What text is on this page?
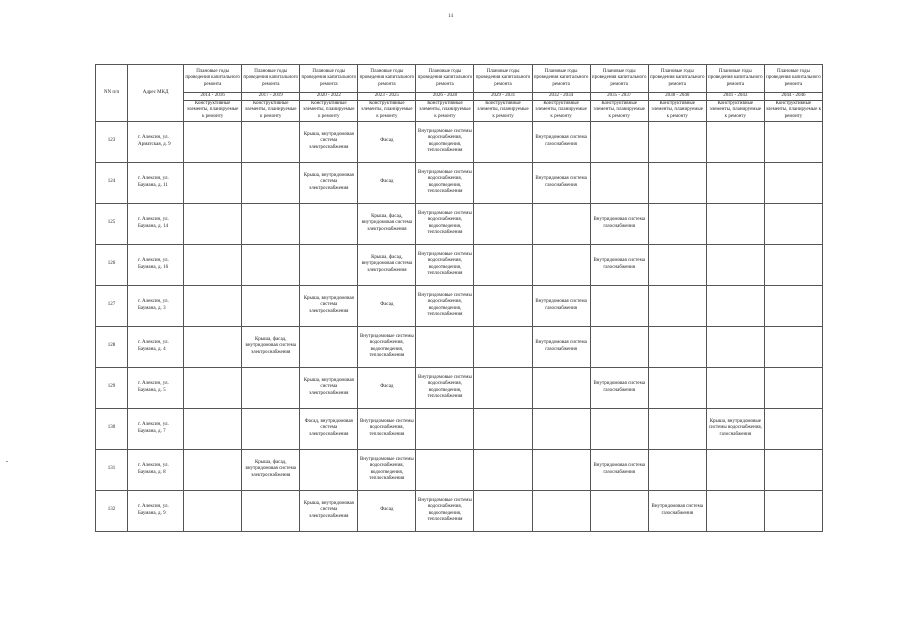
14
NN п/п	Адрес МКД	Плановые годы проведения капитального ремонта	Плановые годы проведения капитального ремонта	Плановые годы проведения капитального ремонта	Плановые годы проведения капитального ремонта	Плановые годы проведения капитального ремонта	Плановые годы проведения капитального ремонта	Плановые годы проведения капитального ремонта	Плановые годы проведения капитального ремонта	Плановые годы проведения капитального ремонта	Плановые годы проведения капитального ремонта	Плановые годы проведения капитального ремонта
		2014 - 2016	2017 - 2019	2020 - 2022	2023 - 2025	2026 - 2028	2029 - 2031	2032 - 2034	2035 - 2037	2038 - 2040	2041 - 2043	2044 - 2046
		Конструктивные элементы, планируемые к ремонту	Конструктивные элементы, планируемые к ремонту	Конструктивные элементы, планируемые к ремонту	Конструктивные элементы, планируемые к ремонту	Конструктивные элементы, планируемые к ремонту	Конструктивные элементы, планируемые к ремонту	Конструктивные элементы, планируемые к ремонту	Конструктивные элементы, планируемые к ремонту	Конструктивные элементы, планируемые к ремонту	Конструктивные элементы, планируемые к ремонту	Конструктивные элементы, планируемые к ремонту
123	г. Алексин, ул. Арматская, д. 9			Крыша, внутридомовая система электроснабжения	Фасад	Внутридомовые системы водоснабжения, водоотведения, теплоснабжения		Внутридомовая система газоснабжения				
124	г. Алексин, ул. Баумана, д. 11			Крыша, внутридомовая система электроснабжения	Фасад	Внутридомовые системы водоснабжения, водоотведения, теплоснабжения		Внутридомовая система газоснабжения				
125	г. Алексин, ул. Баумана, д. 14				Крыша, фасад, внутридомовая система электроснабжения	Внутридомовые системы водоснабжения, водоотведения, теплоснабжения			Внутридомовая система газоснабжения			
126	г. Алексин, ул. Баумана, д. 16				Крыша, фасад, внутридомовая система электроснабжения	Внутридомовые системы водоснабжения, водоотведения, теплоснабжения			Внутридомовая система газоснабжения			
127	г. Алексин, ул. Баумана, д. 3			Крыша, внутридомовая система электроснабжения	Фасад	Внутридомовые системы водоснабжения, водоотведения, теплоснабжения		Внутридомовая система газоснабжения				
128	г. Алексин, ул. Баумана, д. 4		Крыша, фасад, внутридомовая система электроснабжения		Внутридомовые системы водоснабжения, водоотведения, теплоснабжения			Внутридомовая система газоснабжения				
129	г. Алексин, ул. Баумана, д. 5			Крыша, внутридомовая система электроснабжения	Фасад	Внутридомовые системы водоснабжения, водоотведения, теплоснабжения			Внутридомовая система газоснабжения			
130	г. Алексин, ул. Баумана, д. 7			Фасад, внутридомовая система электроснабжения	Внутридомовые системы водоснабжения, теплоснабжения						Крыша, внутридомовые системы водоснабжения, газоснабжения	
131	г. Алексин, ул. Баумана, д. 8		Крыша, фасад, внутридомовая система электроснабжения		Внутридомовые системы водоснабжения, водоотведения, теплоснабжения				Внутридомовая система газоснабжения			
132	г. Алексин, ул. Баумана, д. 9			Крыша, внутридомовая система электроснабжения	Фасад	Внутридомовые системы водоснабжения, водоотведения, теплоснабжения				Внутридомовая система газоснабжения		
